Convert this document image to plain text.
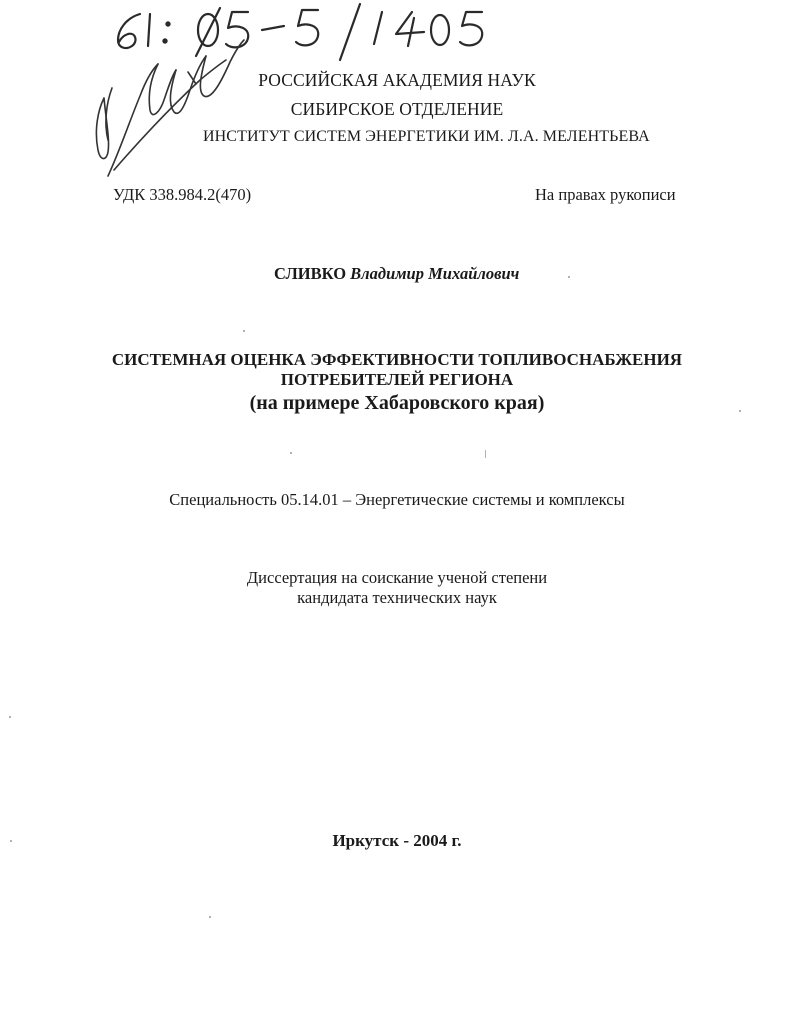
РОССИЙСКАЯ АКАДЕМИЯ НАУК
СИБИРСКОЕ ОТДЕЛЕНИЕ
ИНСТИТУТ СИСТЕМ ЭНЕРГЕТИКИ ИМ. Л.А. МЕЛЕНТЬЕВА
УДК 338.984.2(470)	На правах рукописи
СЛИВКО Владимир Михайлович
СИСТЕМНАЯ ОЦЕНКА ЭФФЕКТИВНОСТИ ТОПЛИВОСНАБЖЕНИЯ
ПОТРЕБИТЕЛЕЙ РЕГИОНА
(на примере Хабаровского края)
Специальность 05.14.01 – Энергетические системы и комплексы
Диссертация на соискание ученой степени
кандидата технических наук
Иркутск - 2004 г.
